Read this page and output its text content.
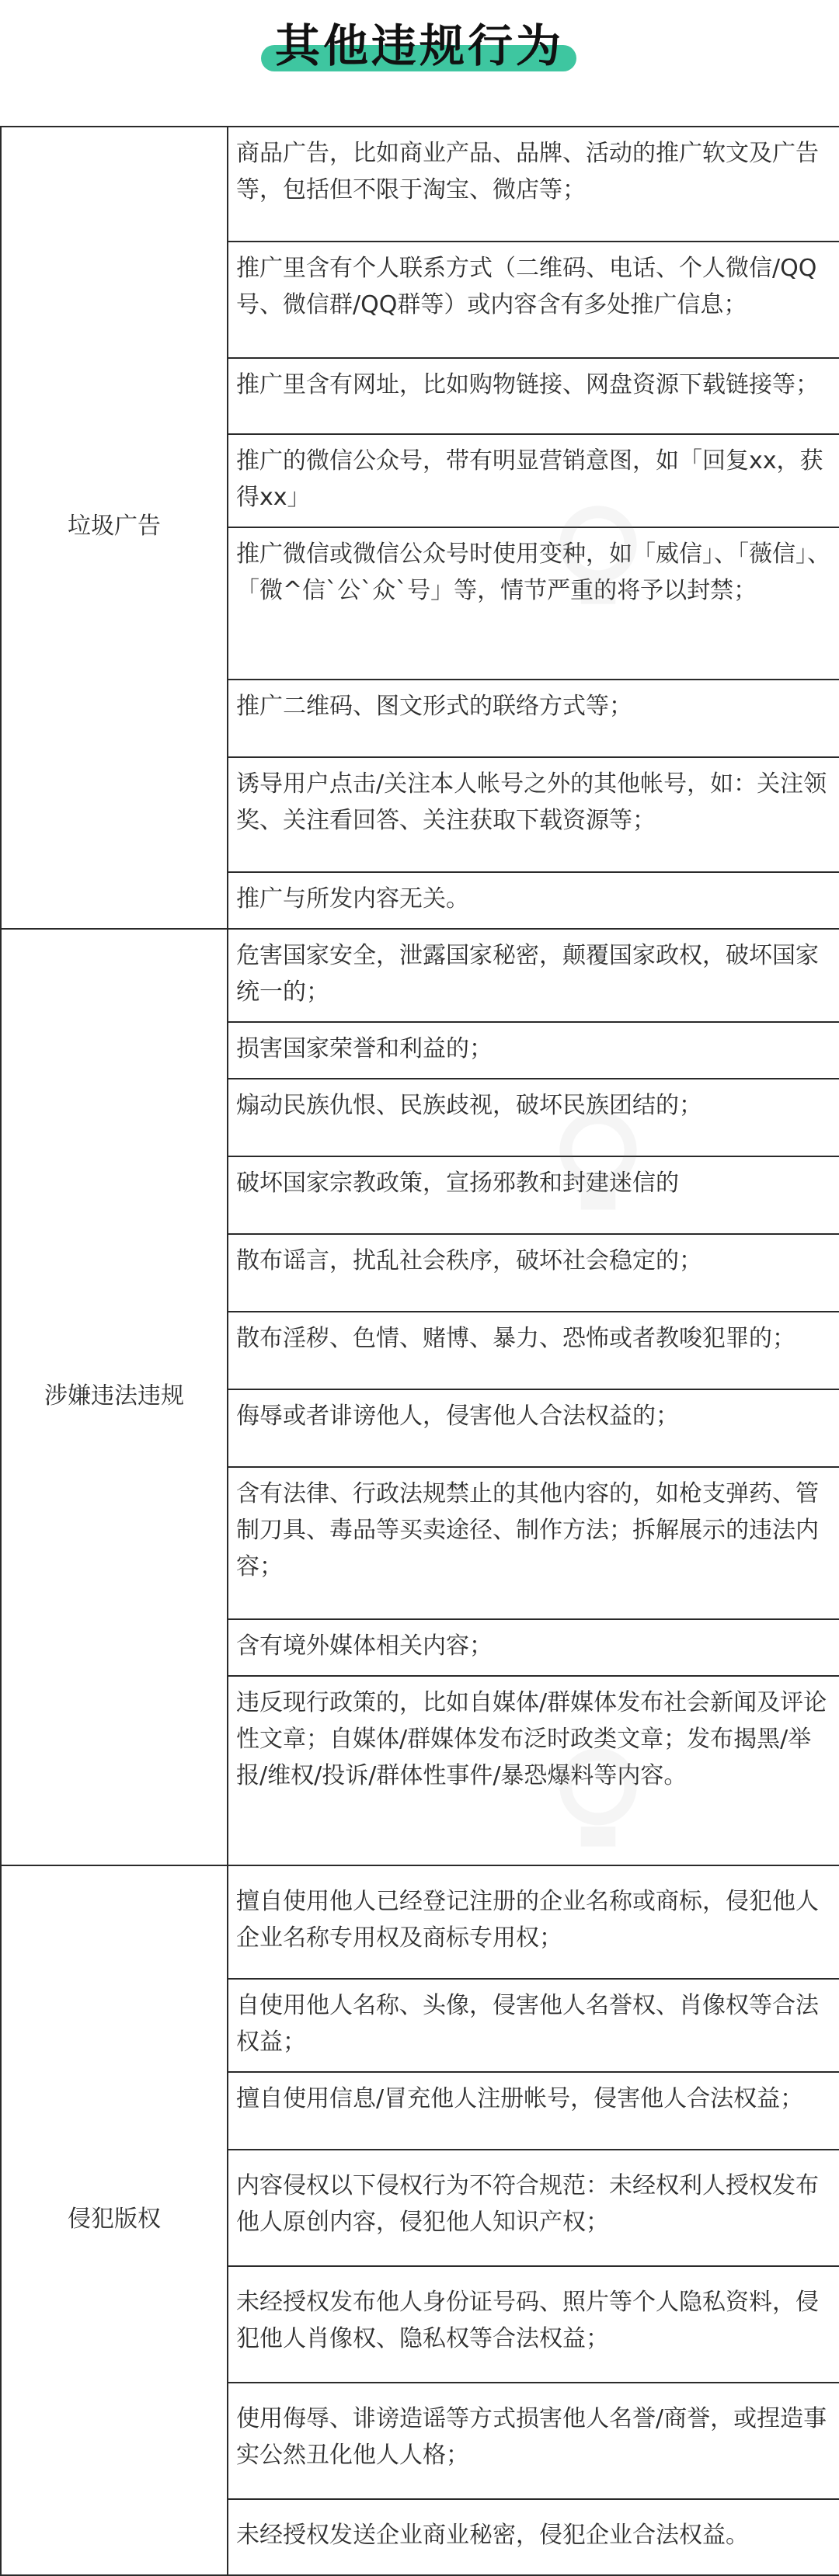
其他违规行为
垃圾广告	商品广告，比如商业产品、品牌、活动的推广软文及广告等，包括但不限于淘宝、微店等；
	推广里含有个人联系方式（二维码、电话、个人微信/QQ号、微信群/QQ群等）或内容含有多处推广信息；
	推广里含有网址，比如购物链接、网盘资源下载链接等；
	推广的微信公众号，带有明显营销意图，如「回复xx，获得xx」
	推广微信或微信公众号时使用变种，如「威信」、「薇信」、「微^信`公`众`号」等，情节严重的将予以封禁；
	推广二维码、图文形式的联络方式等；
	诱导用户点击/关注本人帐号之外的其他帐号，如：关注领奖、关注看回答、关注获取下载资源等；
	推广与所发内容无关。
涉嫌违法违规	危害国家安全，泄露国家秘密，颠覆国家政权，破坏国家统一的；
	损害国家荣誉和利益的；
	煽动民族仇恨、民族歧视，破坏民族团结的；
	破坏国家宗教政策，宣扬邪教和封建迷信的
	散布谣言，扰乱社会秩序，破坏社会稳定的；
	散布淫秽、色情、赌博、暴力、恐怖或者教唆犯罪的；
	侮辱或者诽谤他人，侵害他人合法权益的；
	含有法律、行政法规禁止的其他内容的，如枪支弹药、管制刀具、毒品等买卖途径、制作方法；拆解展示的违法内容；
	含有境外媒体相关内容；
	违反现行政策的，比如自媒体/群媒体发布社会新闻及评论性文章；自媒体/群媒体发布泛时政类文章；发布揭黑/举报/维权/投诉/群体性事件/暴恐爆料等内容。
侵犯版权	擅自使用他人已经登记注册的企业名称或商标，侵犯他人企业名称专用权及商标专用权；
	自使用他人名称、头像，侵害他人名誉权、肖像权等合法权益；
	擅自使用信息/冒充他人注册帐号，侵害他人合法权益；
	内容侵权以下侵权行为不符合规范：未经权利人授权发布他人原创内容，侵犯他人知识产权；
	未经授权发布他人身份证号码、照片等个人隐私资料，侵犯他人肖像权、隐私权等合法权益；
	使用侮辱、诽谤造谣等方式损害他人名誉/商誉，或捏造事实公然丑化他人人格；
	未经授权发送企业商业秘密，侵犯企业合法权益。
